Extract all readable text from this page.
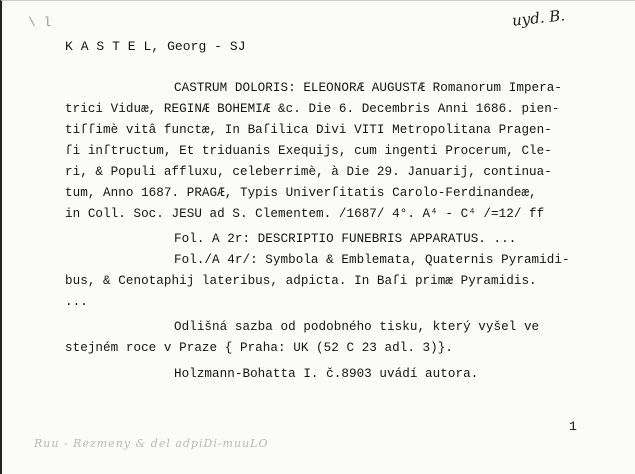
\ l	uyd. B.
K A S T E L, Georg - SJ
CASTRUM DOLORIS: ELEONORÆ AUGUSTÆ Romanorum Impera-
trici Viduæ, REGINÆ BOHEMIÆ &c. Die 6. Decembris Anni 1686. pien-
tiſſimè vitâ functæ, In Baſilica Divi VITI Metropolitana Pragen-
ſi inſtructum, Et triduanis Exequijs, cum ingenti Procerum, Cle-
ri, & Populi affluxu, celeberrimè, à Die 29. Januarij, continua-
tum, Anno 1687. PRAGÆ, Typis Univerſitatis Carolo-Ferdinandeæ,
in Coll. Soc. JESU ad S. Clementem. /1687/ 4°. A⁴ - C⁴ /=12/ ff
Fol. A 2r: DESCRIPTIO FUNEBRIS APPARATUS. ...
Fol./A 4r/: Symbola & Emblemata, Quaternis Pyramidi-
bus, & Cenotaphij lateribus, adpicta. In Baſi primæ Pyramidis.
...
Odlišná sazba od podobného tisku, který vyšel ve
stejném roce v Praze { Praha: UK (52 C 23 adl. 3)}.
Holzmann-Bohatta I. č.8903 uvádí autora.
1
Ruu - Rezmeny & del adpiDi-muuLO
